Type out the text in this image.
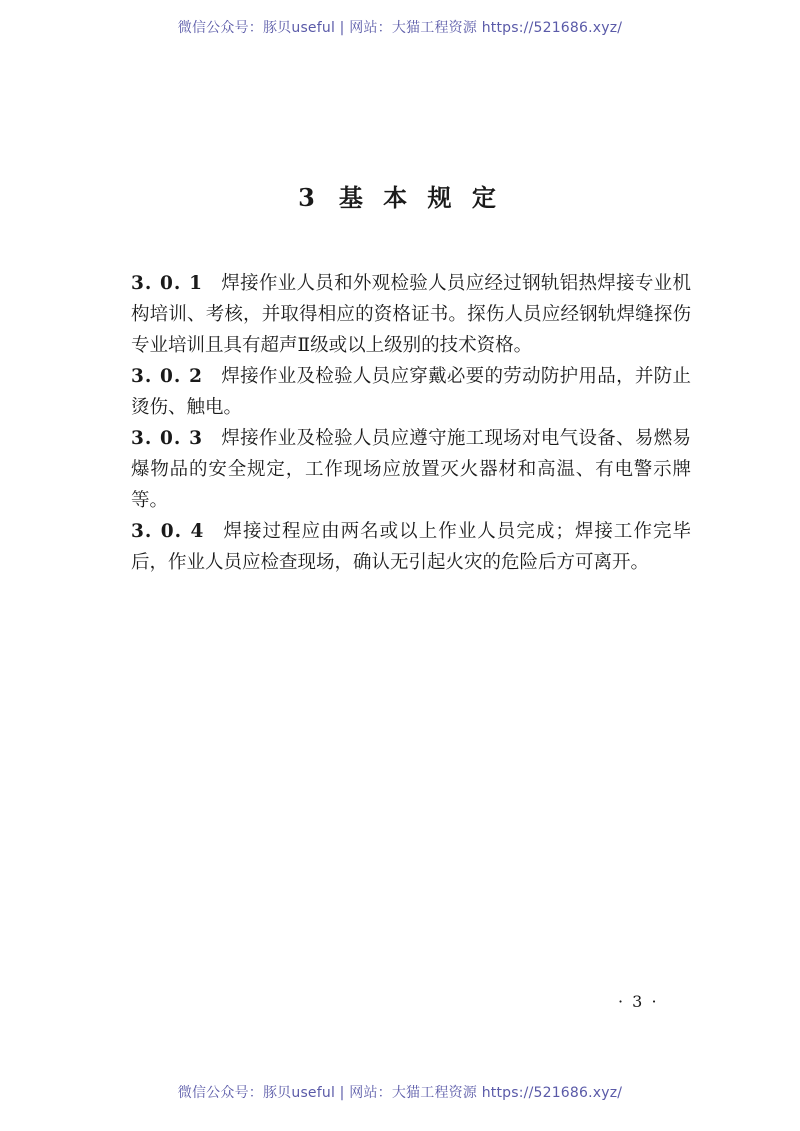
微信公众号：豚贝useful | 网站：大猫工程资源 https://521686.xyz/
3 基 本 规 定

3. 0. 1 焊接作业人员和外观检验人员应经过钢轨铝热焊接专业机构培训、考核，并取得相应的资格证书。探伤人员应经钢轨焊缝探伤专业培训且具有超声Ⅱ级或以上级别的技术资格。

3. 0. 2 焊接作业及检验人员应穿戴必要的劳动防护用品，并防止烫伤、触电。

3. 0. 3 焊接作业及检验人员应遵守施工现场对电气设备、易燃易爆物品的安全规定，工作现场应放置灭火器材和高温、有电警示牌等。

3. 0. 4 焊接过程应由两名或以上作业人员完成；焊接工作完毕后，作业人员应检查现场，确认无引起火灾的危险后方可离开。

· 3 ·
微信公众号：豚贝useful | 网站：大猫工程资源 https://521686.xyz/
